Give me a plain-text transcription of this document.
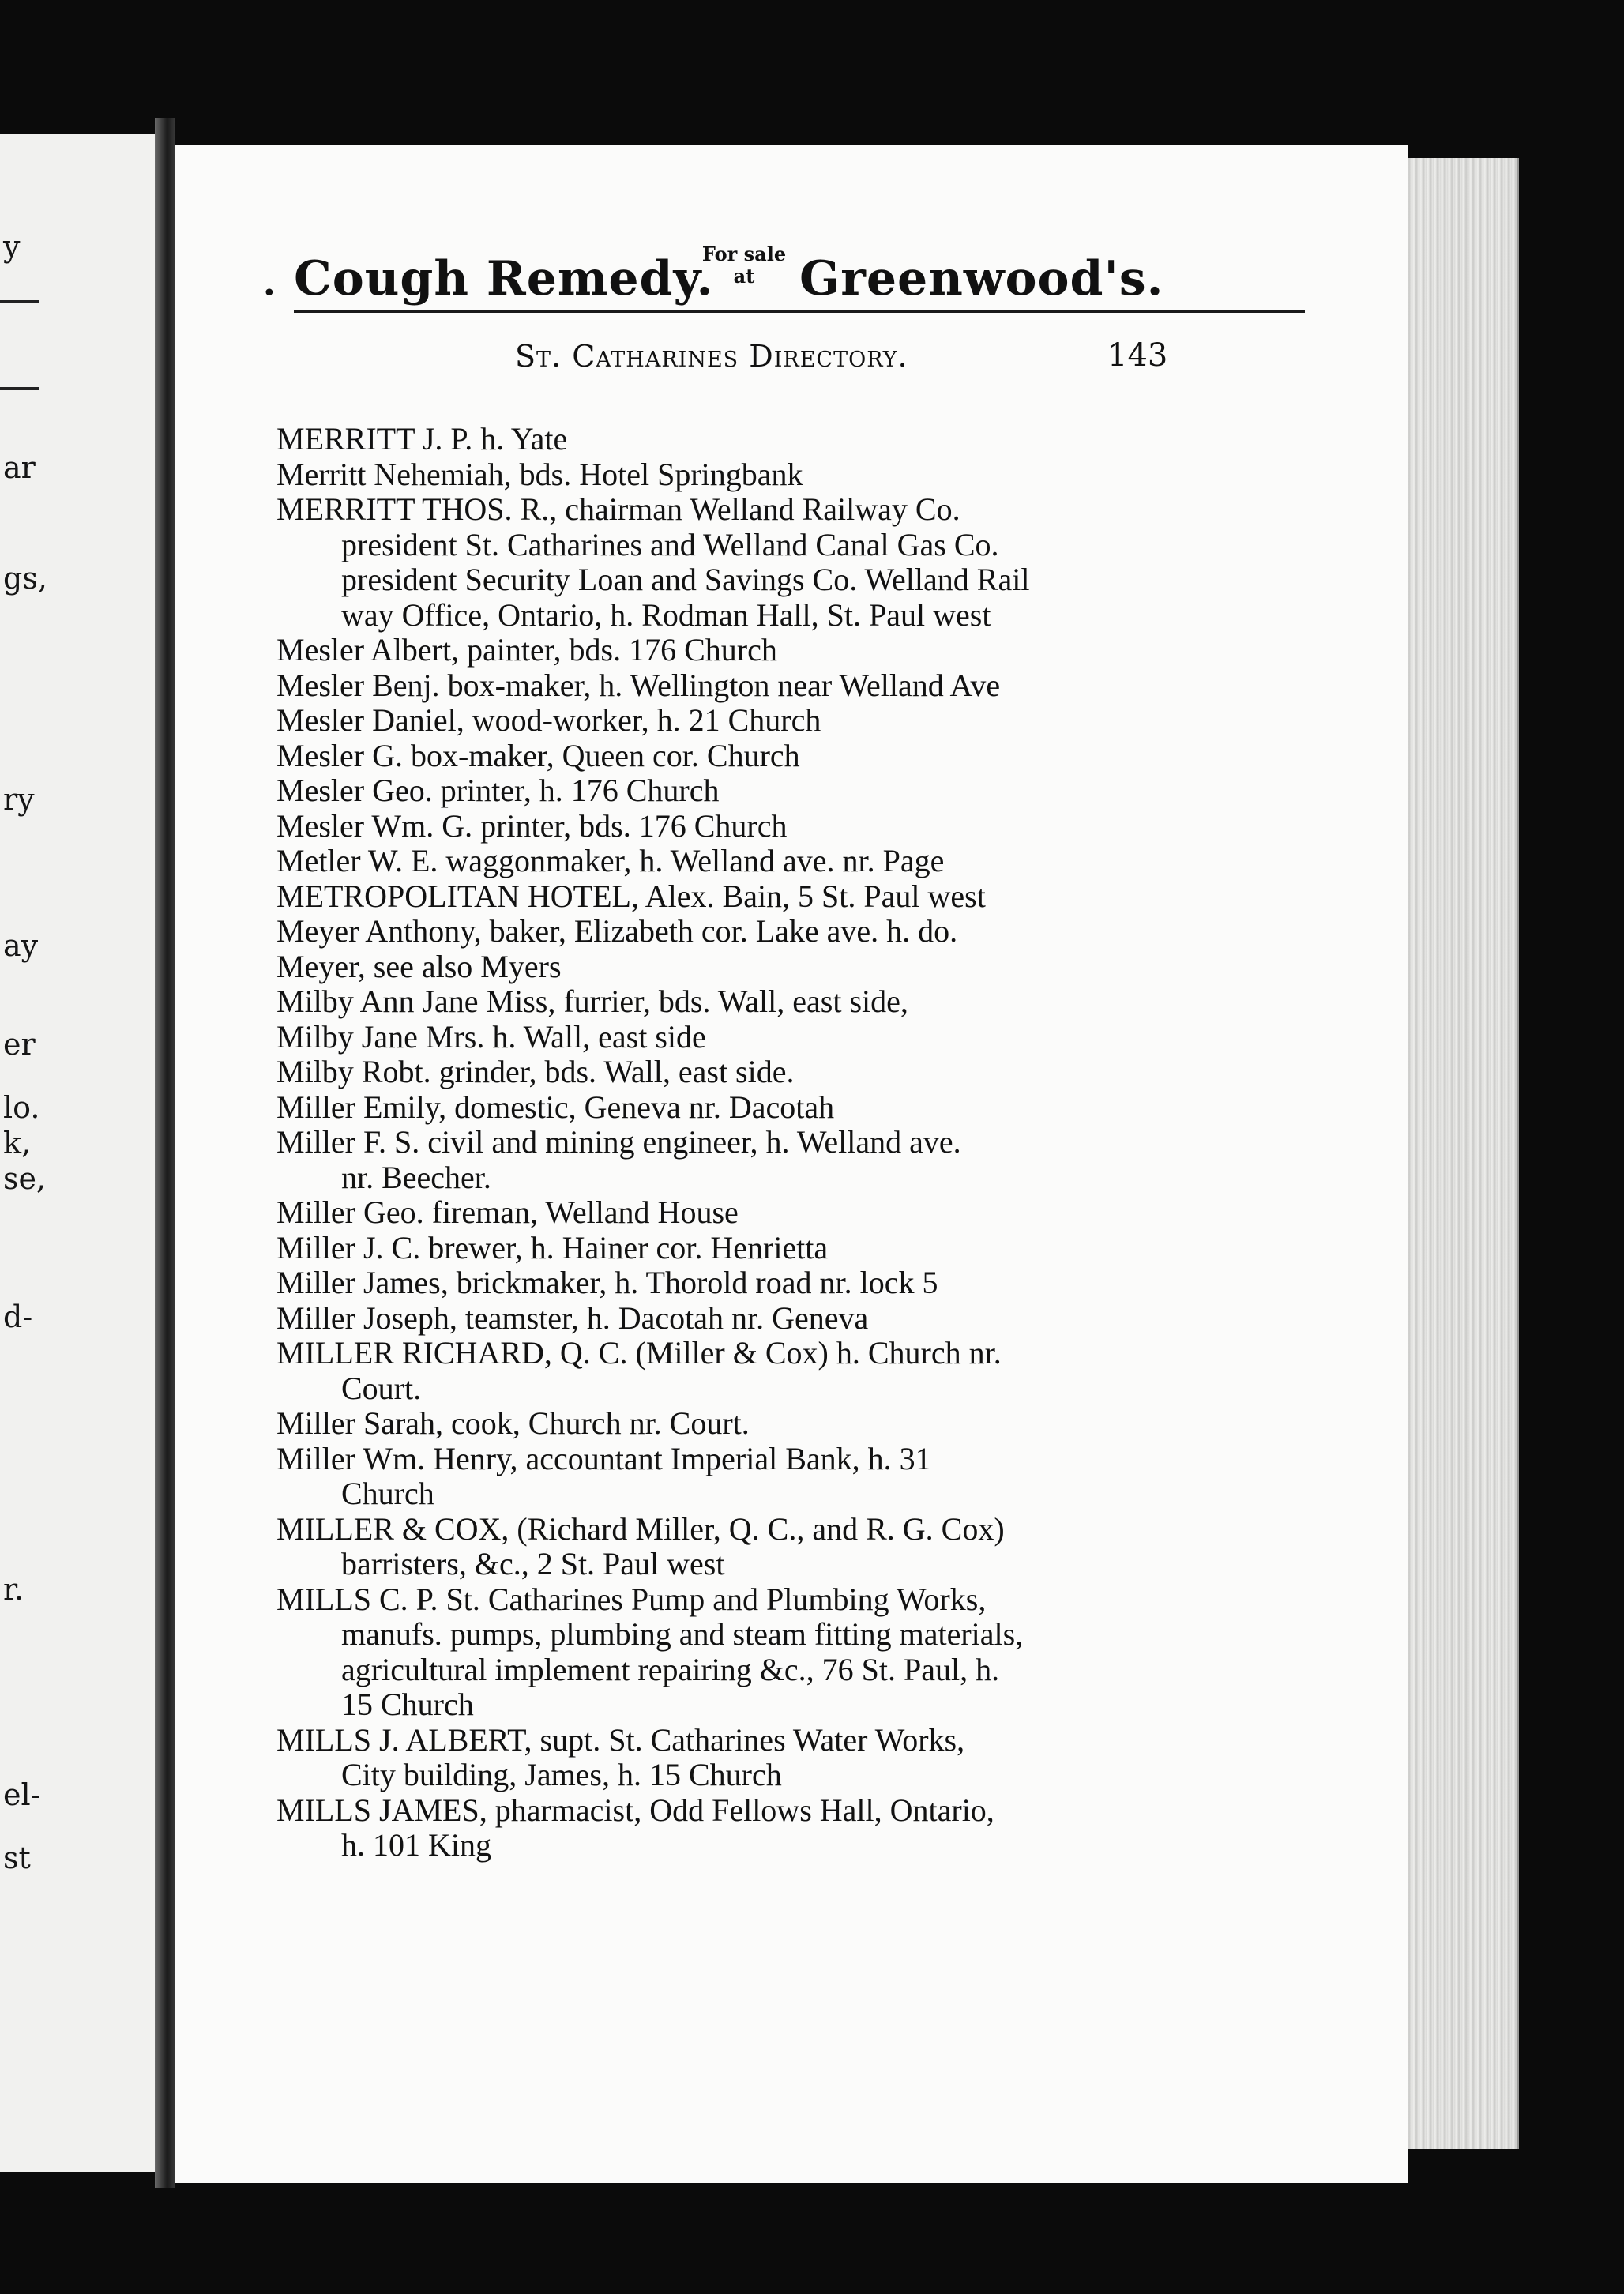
y
ar
gs,
ry
ay
er
lo.
k,
se,
d-
r.
el-
st
• Cough Remedy.
For sale
at Greenwood's.
St. Catharines Directory.	143
MERRITT J. P. h. Yate
Merritt Nehemiah, bds. Hotel Springbank
MERRITT THOS. R., chairman Welland Railway Co.
president St. Catharines and Welland Canal Gas Co.
president Security Loan and Savings Co. Welland Rail
way Office, Ontario, h. Rodman Hall, St. Paul west
Mesler Albert, painter, bds. 176 Church
Mesler Benj. box-maker, h. Wellington near Welland Ave
Mesler Daniel, wood-worker, h. 21 Church
Mesler G. box-maker, Queen cor. Church
Mesler Geo. printer, h. 176 Church
Mesler Wm. G. printer, bds. 176 Church
Metler W. E. waggonmaker, h. Welland ave. nr. Page
METROPOLITAN HOTEL, Alex. Bain, 5 St. Paul west
Meyer Anthony, baker, Elizabeth cor. Lake ave. h. do.
Meyer, see also Myers
Milby Ann Jane Miss, furrier, bds. Wall, east side,
Milby Jane Mrs. h. Wall, east side
Milby Robt. grinder, bds. Wall, east side.
Miller Emily, domestic, Geneva nr. Dacotah
Miller F. S. civil and mining engineer, h. Welland ave.
nr. Beecher.
Miller Geo. fireman, Welland House
Miller J. C. brewer, h. Hainer cor. Henrietta
Miller James, brickmaker, h. Thorold road nr. lock 5
Miller Joseph, teamster, h. Dacotah nr. Geneva
MILLER RICHARD, Q. C. (Miller & Cox) h. Church nr.
Court.
Miller Sarah, cook, Church nr. Court.
Miller Wm. Henry, accountant Imperial Bank, h. 31
Church
MILLER & COX, (Richard Miller, Q. C., and R. G. Cox)
barristers, &c., 2 St. Paul west
MILLS C. P. St. Catharines Pump and Plumbing Works,
manufs. pumps, plumbing and steam fitting materials,
agricultural implement repairing &c., 76 St. Paul, h.
15 Church
MILLS J. ALBERT, supt. St. Catharines Water Works,
City building, James, h. 15 Church
MILLS JAMES, pharmacist, Odd Fellows Hall, Ontario,
h. 101 King
